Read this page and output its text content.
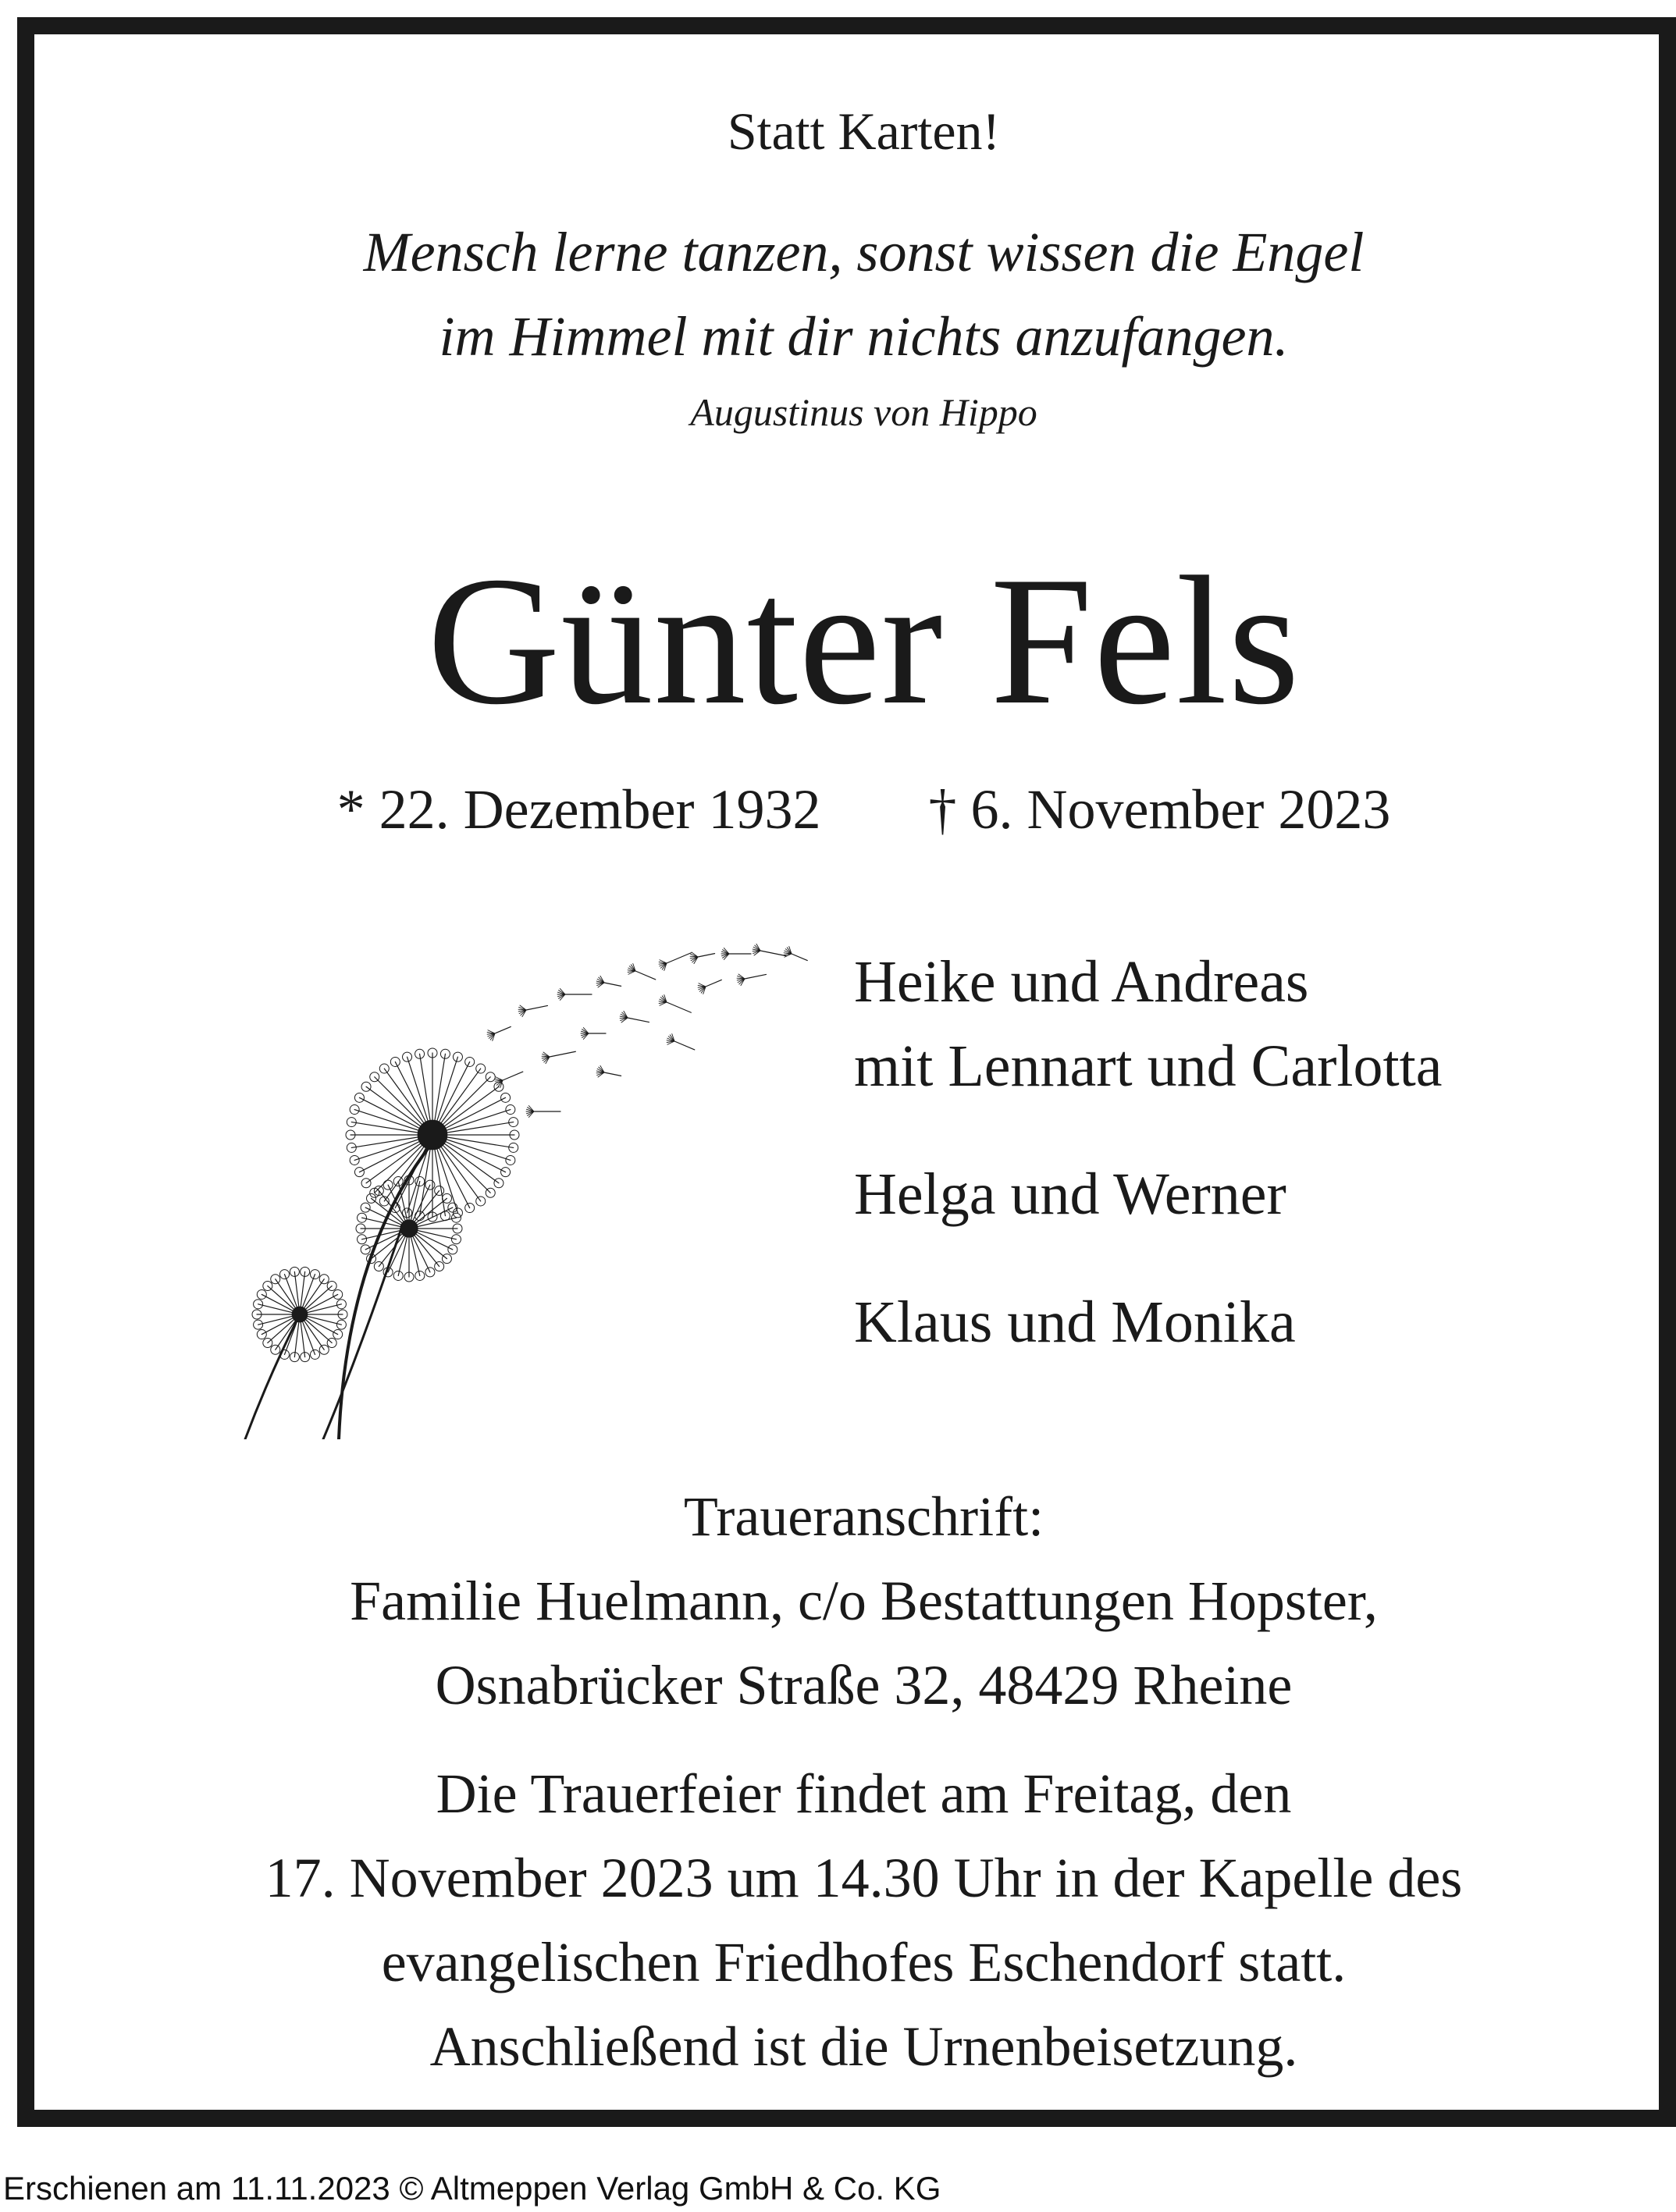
Statt Karten!
Mensch lerne tanzen, sonst wissen die Engel
im Himmel mit dir nichts anzufangen.
Augustinus von Hippo
Günter Fels
* 22. Dezember 1932 † 6. November 2023
Heike und Andreas
mit Lennart und Carlotta
Helga und Werner
Klaus und Monika
Traueranschrift:
Familie Huelmann, c/o Bestattungen Hopster,
Osnabrücker Straße 32, 48429 Rheine
Die Trauerfeier findet am Freitag, den
17. November 2023 um 14.30 Uhr in der Kapelle des
evangelischen Friedhofes Eschendorf statt.
Anschließend ist die Urnenbeisetzung.
Erschienen am 11.11.2023 © Altmeppen Verlag GmbH & Co. KG
